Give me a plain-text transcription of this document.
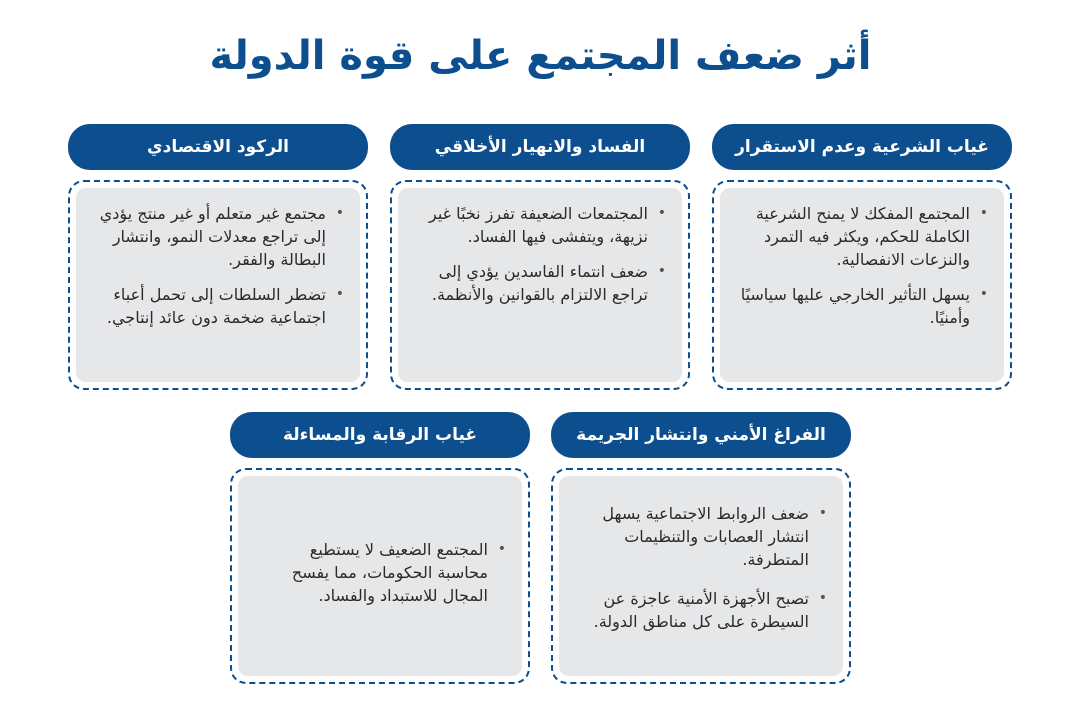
أثر ضعف المجتمع على قوة الدولة
غياب الشرعية وعدم الاستقرار
• المجتمع المفكك لا يمنح الشرعية الكاملة للحكم، ويكثر فيه التمرد والنزعات الانفصالية.
• يسهل التأثير الخارجي عليها سياسيًا وأمنيًا.
الفساد والانهيار الأخلاقي
• المجتمعات الضعيفة تفرز نخبًا غير نزيهة، ويتفشى فيها الفساد.
• ضعف انتماء الفاسدين يؤدي إلى تراجع الالتزام بالقوانين والأنظمة.
الركود الاقتصادي
• مجتمع غير متعلم أو غير منتج يؤدي إلى تراجع معدلات النمو، وانتشار البطالة والفقر.
• تضطر السلطات إلى تحمل أعباء اجتماعية ضخمة دون عائد إنتاجي.
الفراغ الأمني وانتشار الجريمة
• ضعف الروابط الاجتماعية يسهل انتشار العصابات والتنظيمات المتطرفة.
• تصبح الأجهزة الأمنية عاجزة عن السيطرة على كل مناطق الدولة.
غياب الرقابة والمساءلة
• المجتمع الضعيف لا يستطيع محاسبة الحكومات، مما يفسح المجال للاستبداد والفساد.
